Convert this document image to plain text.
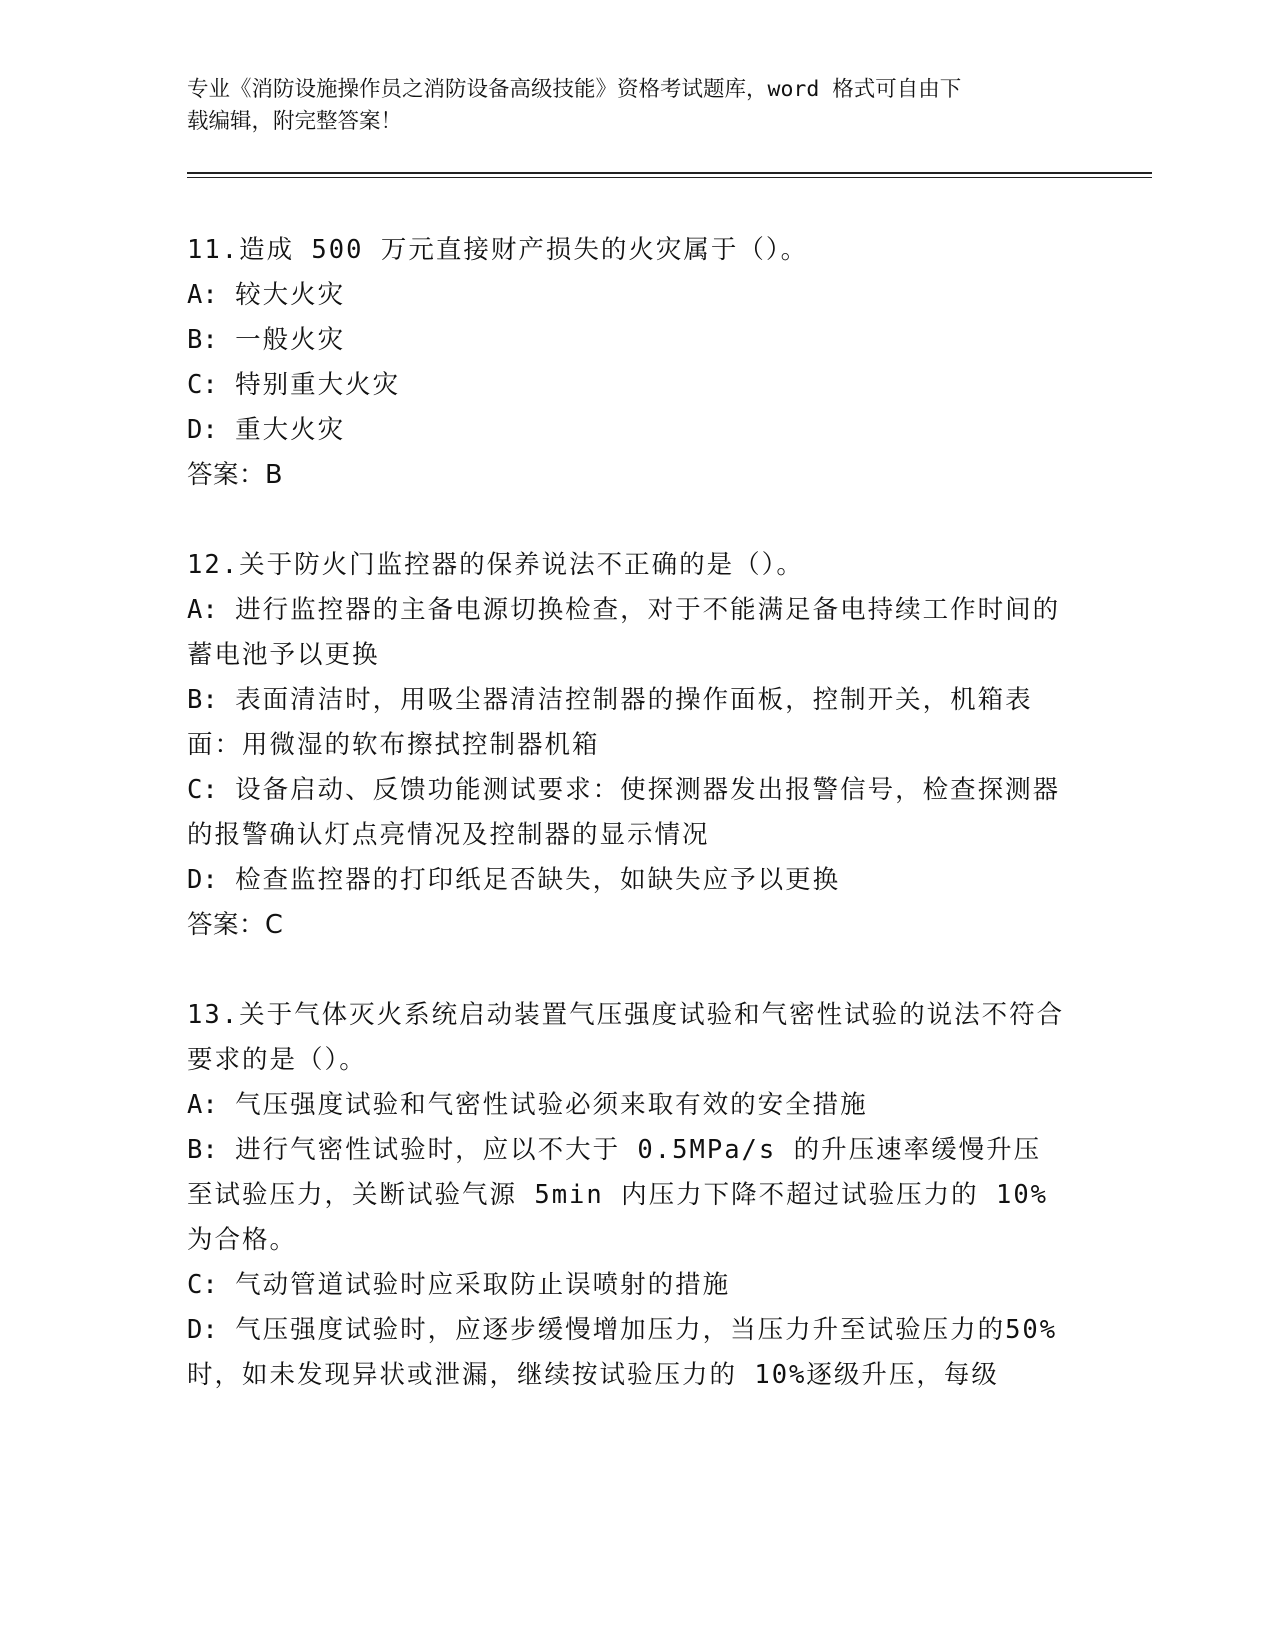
专业《消防设施操作员之消防设备高级技能》资格考试题库，word 格式可自由下
载编辑，附完整答案！
11.造成 500 万元直接财产损失的火灾属于（）。
A: 较大火灾
B: 一般火灾
C: 特别重大火灾
D: 重大火灾
答案：B
12.关于防火门监控器的保养说法不正确的是（）。
A: 进行监控器的主备电源切换检查，对于不能满足备电持续工作时间的蓄电池予以更换
B: 表面清洁时，用吸尘器清洁控制器的操作面板，控制开关，机箱表面：用微湿的软布擦拭控制器机箱
C: 设备启动、反馈功能测试要求：使探测器发出报警信号，检查探测器的报警确认灯点亮情况及控制器的显示情况
D: 检查监控器的打印纸足否缺失，如缺失应予以更换
答案：C
13.关于气体灭火系统启动装置气压强度试验和气密性试验的说法不符合要求的是（）。
A: 气压强度试验和气密性试验必须来取有效的安全措施
B: 进行气密性试验时，应以不大于 0.5MPa/s 的升压速率缓慢升压至试验压力，关断试验气源 5min 内压力下降不超过试验压力的 10%为合格。
C: 气动管道试验时应采取防止误喷射的措施
D: 气压强度试验时，应逐步缓慢增加压力，当压力升至试验压力的50%时，如未发现异状或泄漏，继续按试验压力的 10%逐级升压，每级
